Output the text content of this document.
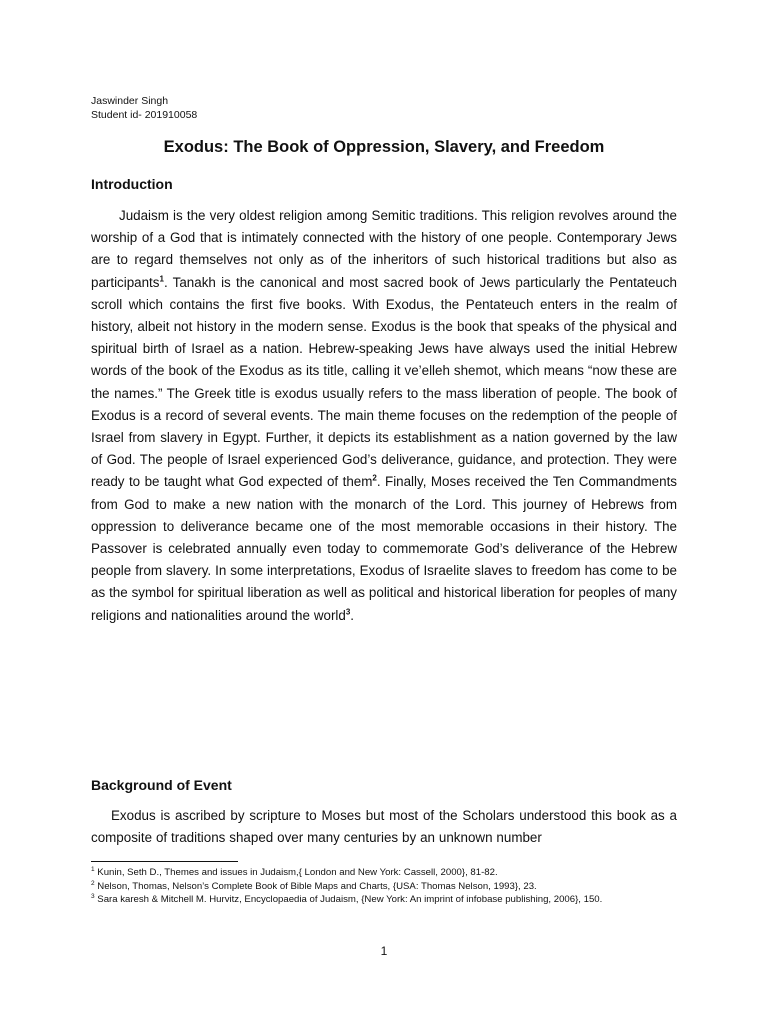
Jaswinder Singh
Student id- 201910058
Exodus: The Book of Oppression, Slavery, and Freedom
Introduction

Judaism is the very oldest religion among Semitic traditions. This religion revolves around the worship of a God that is intimately connected with the history of one people. Contemporary Jews are to regard themselves not only as of the inheritors of such historical traditions but also as participants$^1$. Tanakh is the canonical and most sacred book of Jews particularly the Pentateuch scroll which contains the first five books. With Exodus, the Pentateuch enters in the realm of history, albeit not history in the modern sense. Exodus is the book that speaks of the physical and spiritual birth of Israel as a nation. Hebrew-speaking Jews have always used the initial Hebrew words of the book of the Exodus as its title, calling it ve’elleh shemot, which means “now these are the names.” The Greek title is exodus usually refers to the mass liberation of people. The book of Exodus is a record of several events. The main theme focuses on the redemption of the people of Israel from slavery in Egypt. Further, it depicts its establishment as a nation governed by the law of God. The people of Israel experienced God’s deliverance, guidance, and protection. They were ready to be taught what God expected of them$^2$. Finally, Moses received the Ten Commandments from God to make a new nation with the monarch of the Lord. This journey of Hebrews from oppression to deliverance became one of the most memorable occasions in their history. The Passover is celebrated annually even today to commemorate God’s deliverance of the Hebrew people from slavery. In some interpretations, Exodus of Israelite slaves to freedom has come to be as the symbol for spiritual liberation as well as political and historical liberation for peoples of many religions and nationalities around the world$^3$.

Background of Event

Exodus is ascribed by scripture to Moses but most of the Scholars understood this book as a composite of traditions shaped over many centuries by an unknown number

$^1$ Kunin, Seth D., Themes and issues in Judaism,{ London and New York: Cassell, 2000}, 81-82.
$^2$ Nelson, Thomas, Nelson’s Complete Book of Bible Maps and Charts, {USA: Thomas Nelson, 1993}, 23.
$^3$ Sara karesh & Mitchell M. Hurvitz, Encyclopaedia of Judaism, {New York: An imprint of infobase publishing, 2006}, 150.
1
